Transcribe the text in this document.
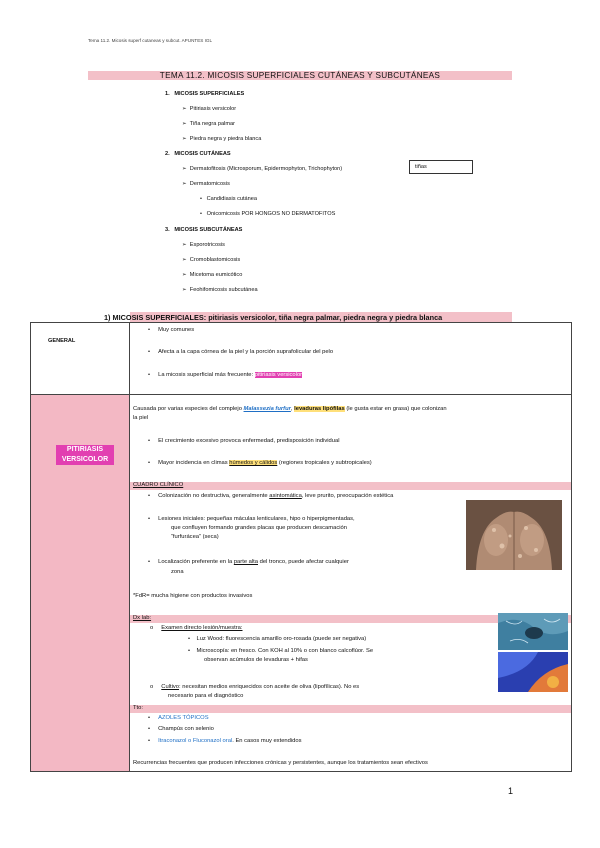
Tema 11.2. Micosis superf cutaneas y subcut. APUNTES IGL
TEMA 11.2. MICOSIS SUPERFICIALES CUTÁNEAS Y SUBCUTÁNEAS
1. MICOSIS SUPERFICIALES
➢  Pitiriasis versicolor
➢  Tiña negra palmar
➢  Piedra negra y piedra blanca
2. MICOSIS CUTÁNEAS
➢  Dermatofitosis (Microsporum, Epidermophyton, Trichophyton)	tiñas
➢  Dermatomicosis
•   Candidiasis cutánea
•   Onicomicosis POR HONGOS NO DERMATOFITOS
3. MICOSIS SUBCUTÁNEAS
➢  Esporotricosis
➢  Cromoblastomicosis
➢  Micetoma eumicótico
➢  Feohifomicosis subcutánea
1) MICOSIS SUPERFICIALES: pitiriasis versicolor, tiña negra palmar, piedra negra y piedra blanca
GENERAL
•     Muy comunes
•     Afecta a la capa córnea de la piel y la porción suprafolicular del pelo
•     La micosis superficial más frecuente: pitiriasis versicolor
PITIRIASIS
VERSICOLOR
Causada por varias especies del complejo Malassezia furfur, levaduras lipófilas (le gusta estar en grasa) que colonizan
la piel
•     El crecimiento excesivo provoca enfermedad, predisposición individual
•     Mayor incidencia en climas húmedos y cálidos (regiones tropicales y subtropicales)
CUADRO CLÍNICO
•     Colonización no destructiva, generalmente asintomática, leve prurito, preocupación estética
•     Lesiones iniciales: pequeñas máculas lenticulares, hipo o hiperpigmentadas,
que confluyen formando grandes placas que producen descamación
“furfurácea” (seca)
•     Localización preferente en la parte alta del tronco, puede afectar cualquier
zona
*FdR= mucha higiene con productos invasivos
Dx lab:
o Examen directo lesión/muestra:
•    Luz Wood: fluorescencia amarillo oro-rosada (puede ser negativa)
•    Microscopía: en fresco. Con KOH al 10% o con blanco calcoflúor. Se
observan acúmulos de levaduras + hifas
o Cultivo: necesitan medios enriquecidos con aceite de oliva (lipofílicas). No es
necesario para el diagnóstico
Tto:
•     AZOLES TÓPICOS
•     Champús con selenio
•     Itraconazol o Fluconazol oral. En casos muy extendidos
Recurrencias frecuentes que producen infecciones crónicas y persistentes, aunque los tratamientos sean efectivos
1
